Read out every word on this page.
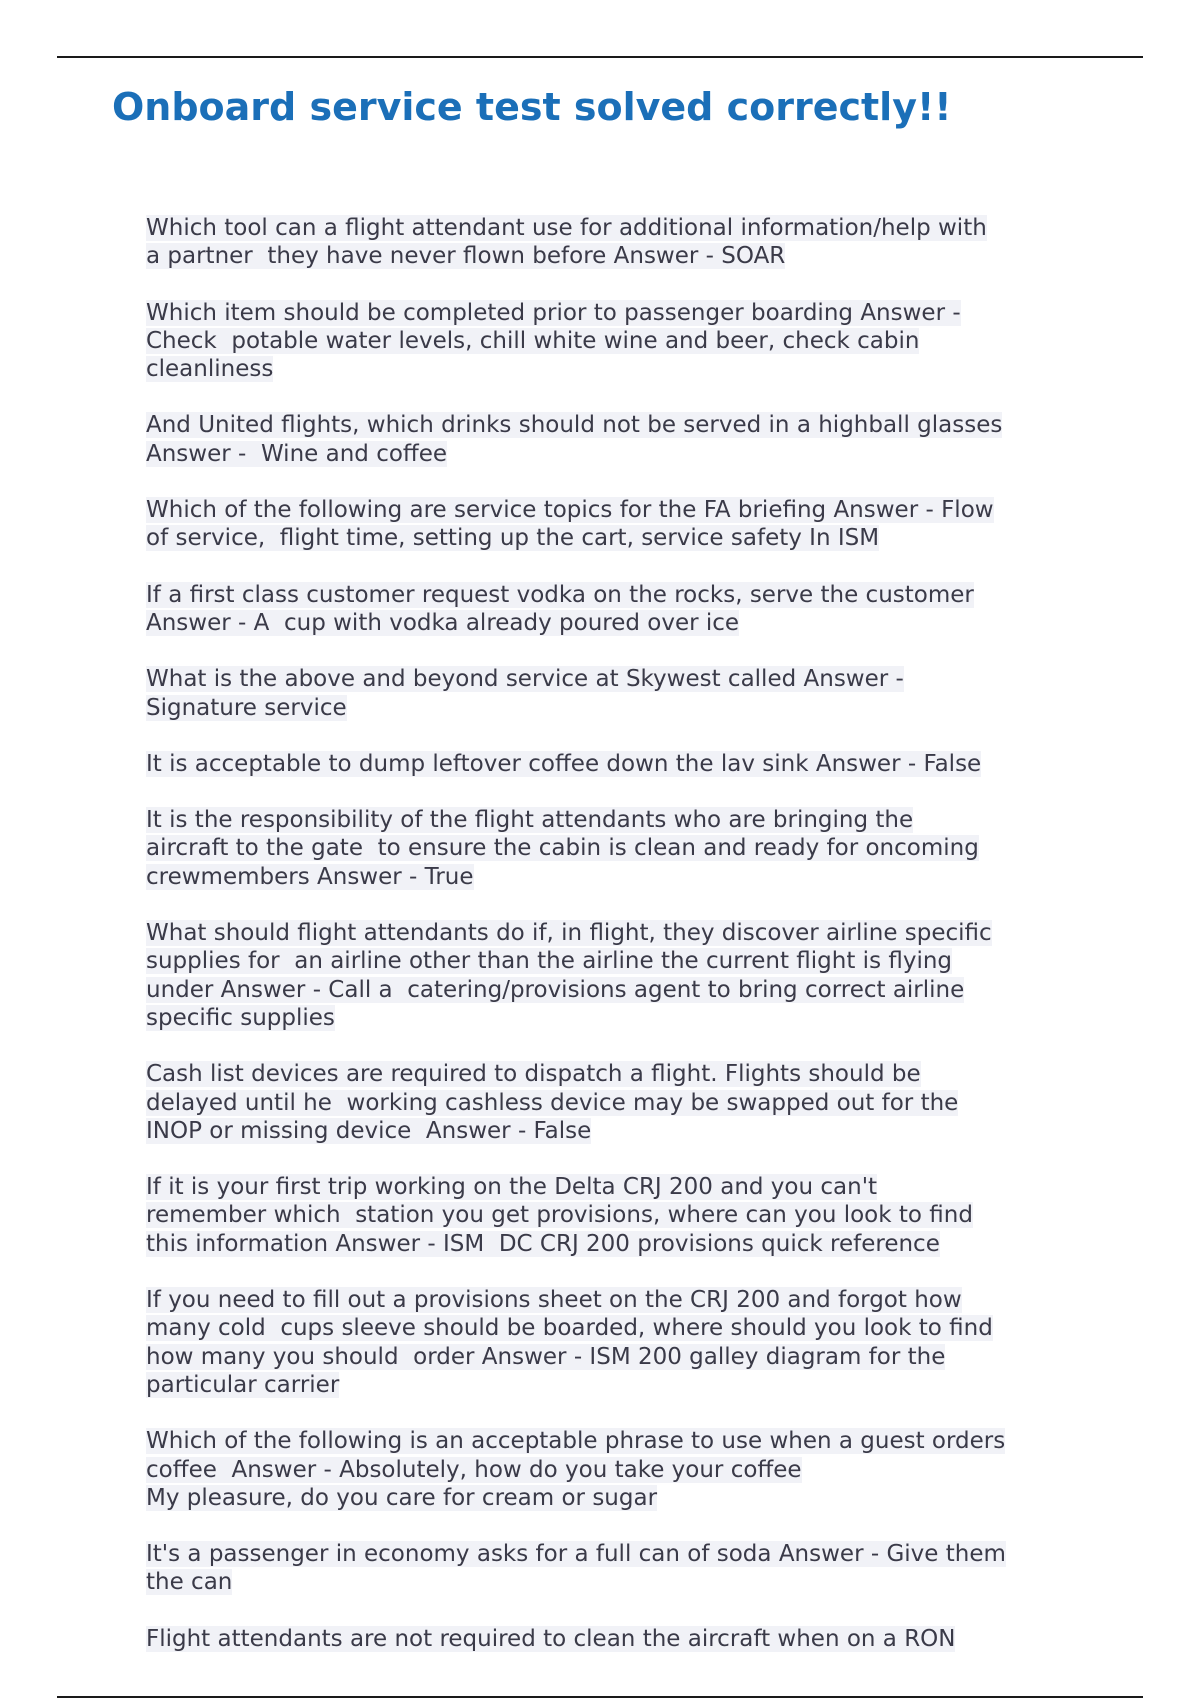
Onboard service test solved correctly!!
Which tool can a flight attendant use for additional information/help with
a partner  they have never flown before Answer - SOAR
Which item should be completed prior to passenger boarding Answer -
Check  potable water levels, chill white wine and beer, check cabin
cleanliness
And United flights, which drinks should not be served in a highball glasses
Answer -  Wine and coffee
Which of the following are service topics for the FA briefing Answer - Flow
of service,  flight time, setting up the cart, service safety In ISM
If a first class customer request vodka on the rocks, serve the customer
Answer - A  cup with vodka already poured over ice
What is the above and beyond service at Skywest called Answer -
Signature service
It is acceptable to dump leftover coffee down the lav sink Answer - False
It is the responsibility of the flight attendants who are bringing the
aircraft to the gate  to ensure the cabin is clean and ready for oncoming
crewmembers Answer - True
What should flight attendants do if, in flight, they discover airline specific
supplies for  an airline other than the airline the current flight is flying
under Answer - Call a  catering/provisions agent to bring correct airline
specific supplies
Cash list devices are required to dispatch a flight. Flights should be
delayed until he  working cashless device may be swapped out for the
INOP or missing device  Answer - False
If it is your first trip working on the Delta CRJ 200 and you can't
remember which  station you get provisions, where can you look to find
this information Answer - ISM  DC CRJ 200 provisions quick reference
If you need to fill out a provisions sheet on the CRJ 200 and forgot how
many cold  cups sleeve should be boarded, where should you look to find
how many you should  order Answer - ISM 200 galley diagram for the
particular carrier
Which of the following is an acceptable phrase to use when a guest orders
coffee  Answer - Absolutely, how do you take your coffee
My pleasure, do you care for cream or sugar
It's a passenger in economy asks for a full can of soda Answer - Give them
the can
Flight attendants are not required to clean the aircraft when on a RON
